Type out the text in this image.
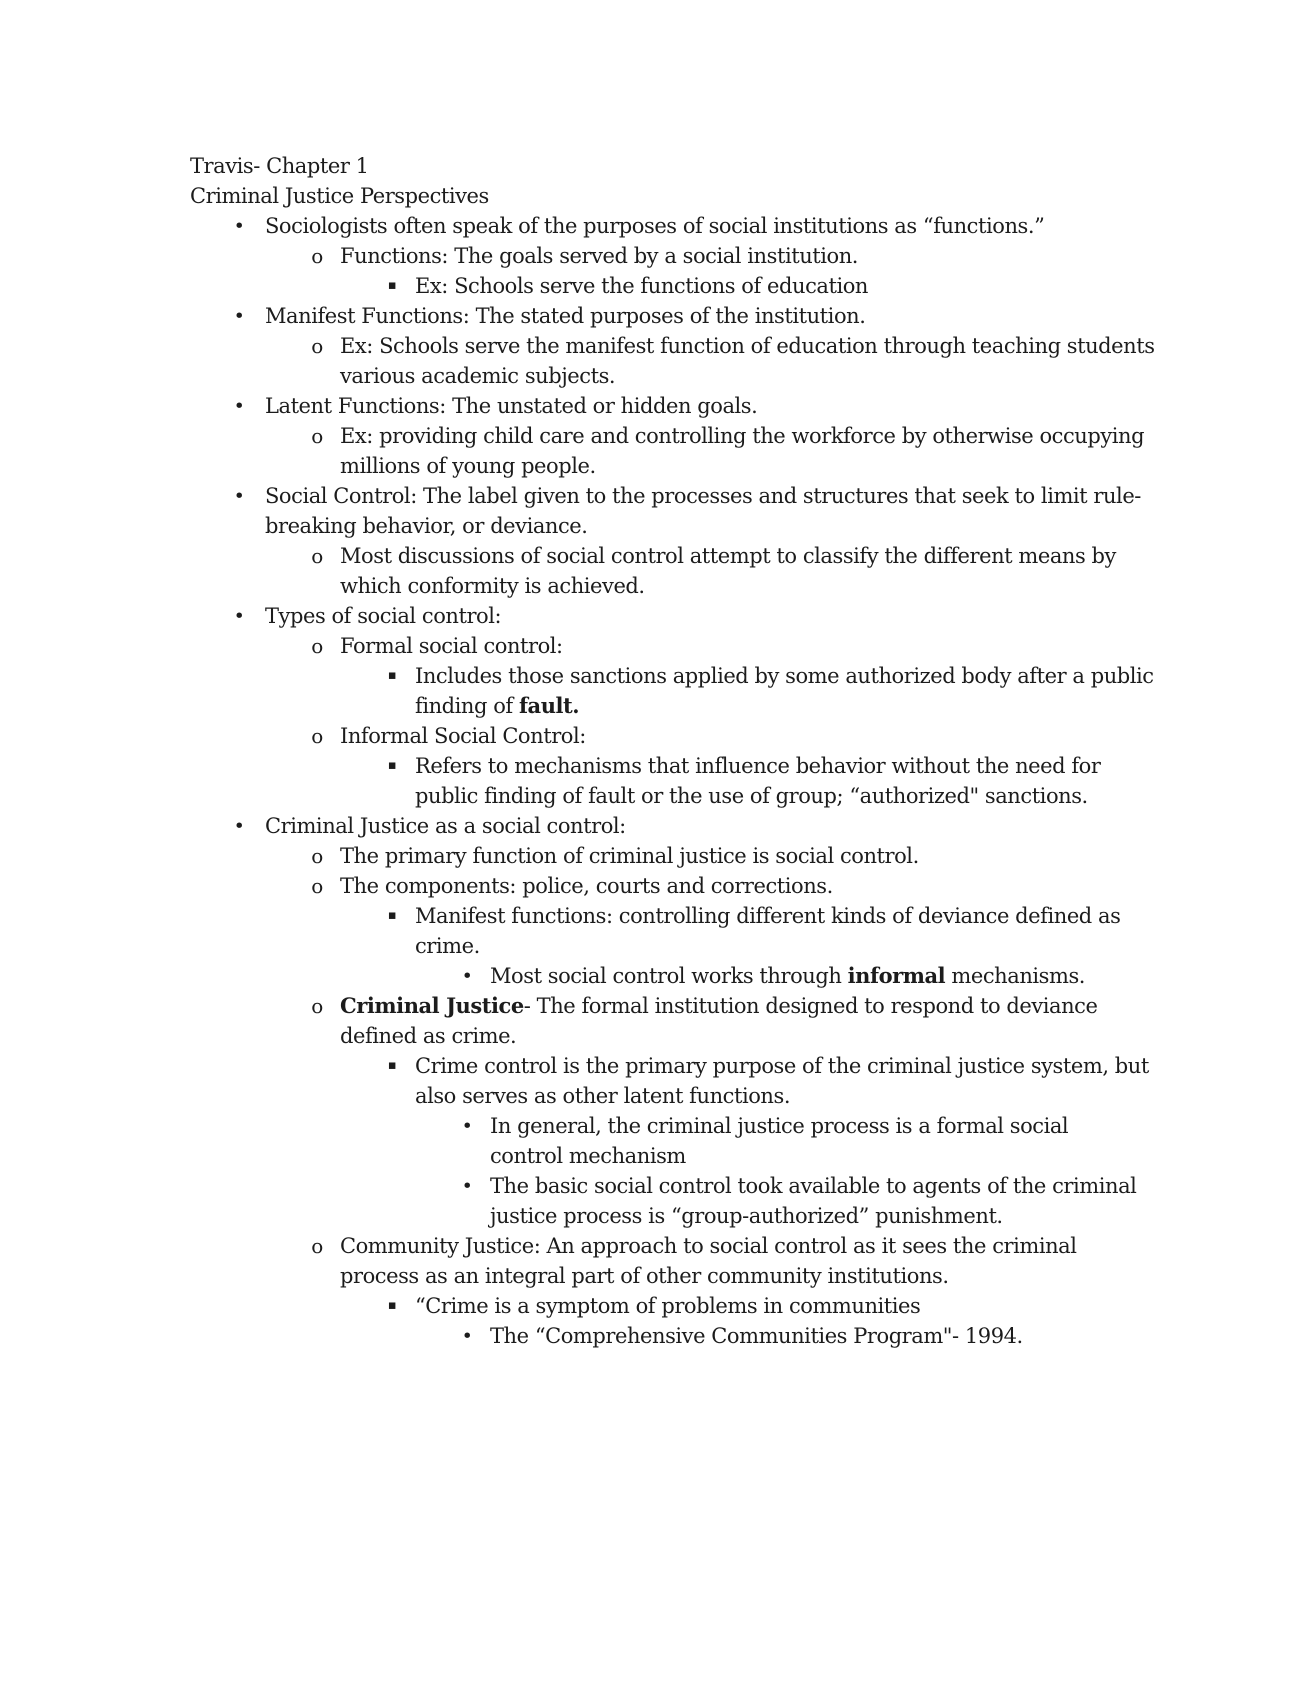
Travis- Chapter 1
Criminal Justice Perspectives
• Sociologists often speak of the purposes of social institutions as “functions.”
o Functions: The goals served by a social institution.
▪ Ex: Schools serve the functions of education
• Manifest Functions: The stated purposes of the institution.
o Ex: Schools serve the manifest function of education through teaching students various academic subjects.
• Latent Functions: The unstated or hidden goals.
o Ex: providing child care and controlling the workforce by otherwise occupying millions of young people.
• Social Control: The label given to the processes and structures that seek to limit rule-breaking behavior, or deviance.
o Most discussions of social control attempt to classify the different means by which conformity is achieved.
• Types of social control:
o Formal social control:
▪ Includes those sanctions applied by some authorized body after a public finding of fault.
o Informal Social Control:
▪ Refers to mechanisms that influence behavior without the need for public finding of fault or the use of group; “authorized" sanctions.
• Criminal Justice as a social control:
o The primary function of criminal justice is social control.
o The components: police, courts and corrections.
▪ Manifest functions: controlling different kinds of deviance defined as crime.
• Most social control works through informal mechanisms.
o Criminal Justice- The formal institution designed to respond to deviance defined as crime.
▪ Crime control is the primary purpose of the criminal justice system, but also serves as other latent functions.
• In general, the criminal justice process is a formal social control mechanism
• The basic social control took available to agents of the criminal justice process is “group-authorized” punishment.
o Community Justice: An approach to social control as it sees the criminal process as an integral part of other community institutions.
▪ “Crime is a symptom of problems in communities
• The “Comprehensive Communities Program"- 1994.
